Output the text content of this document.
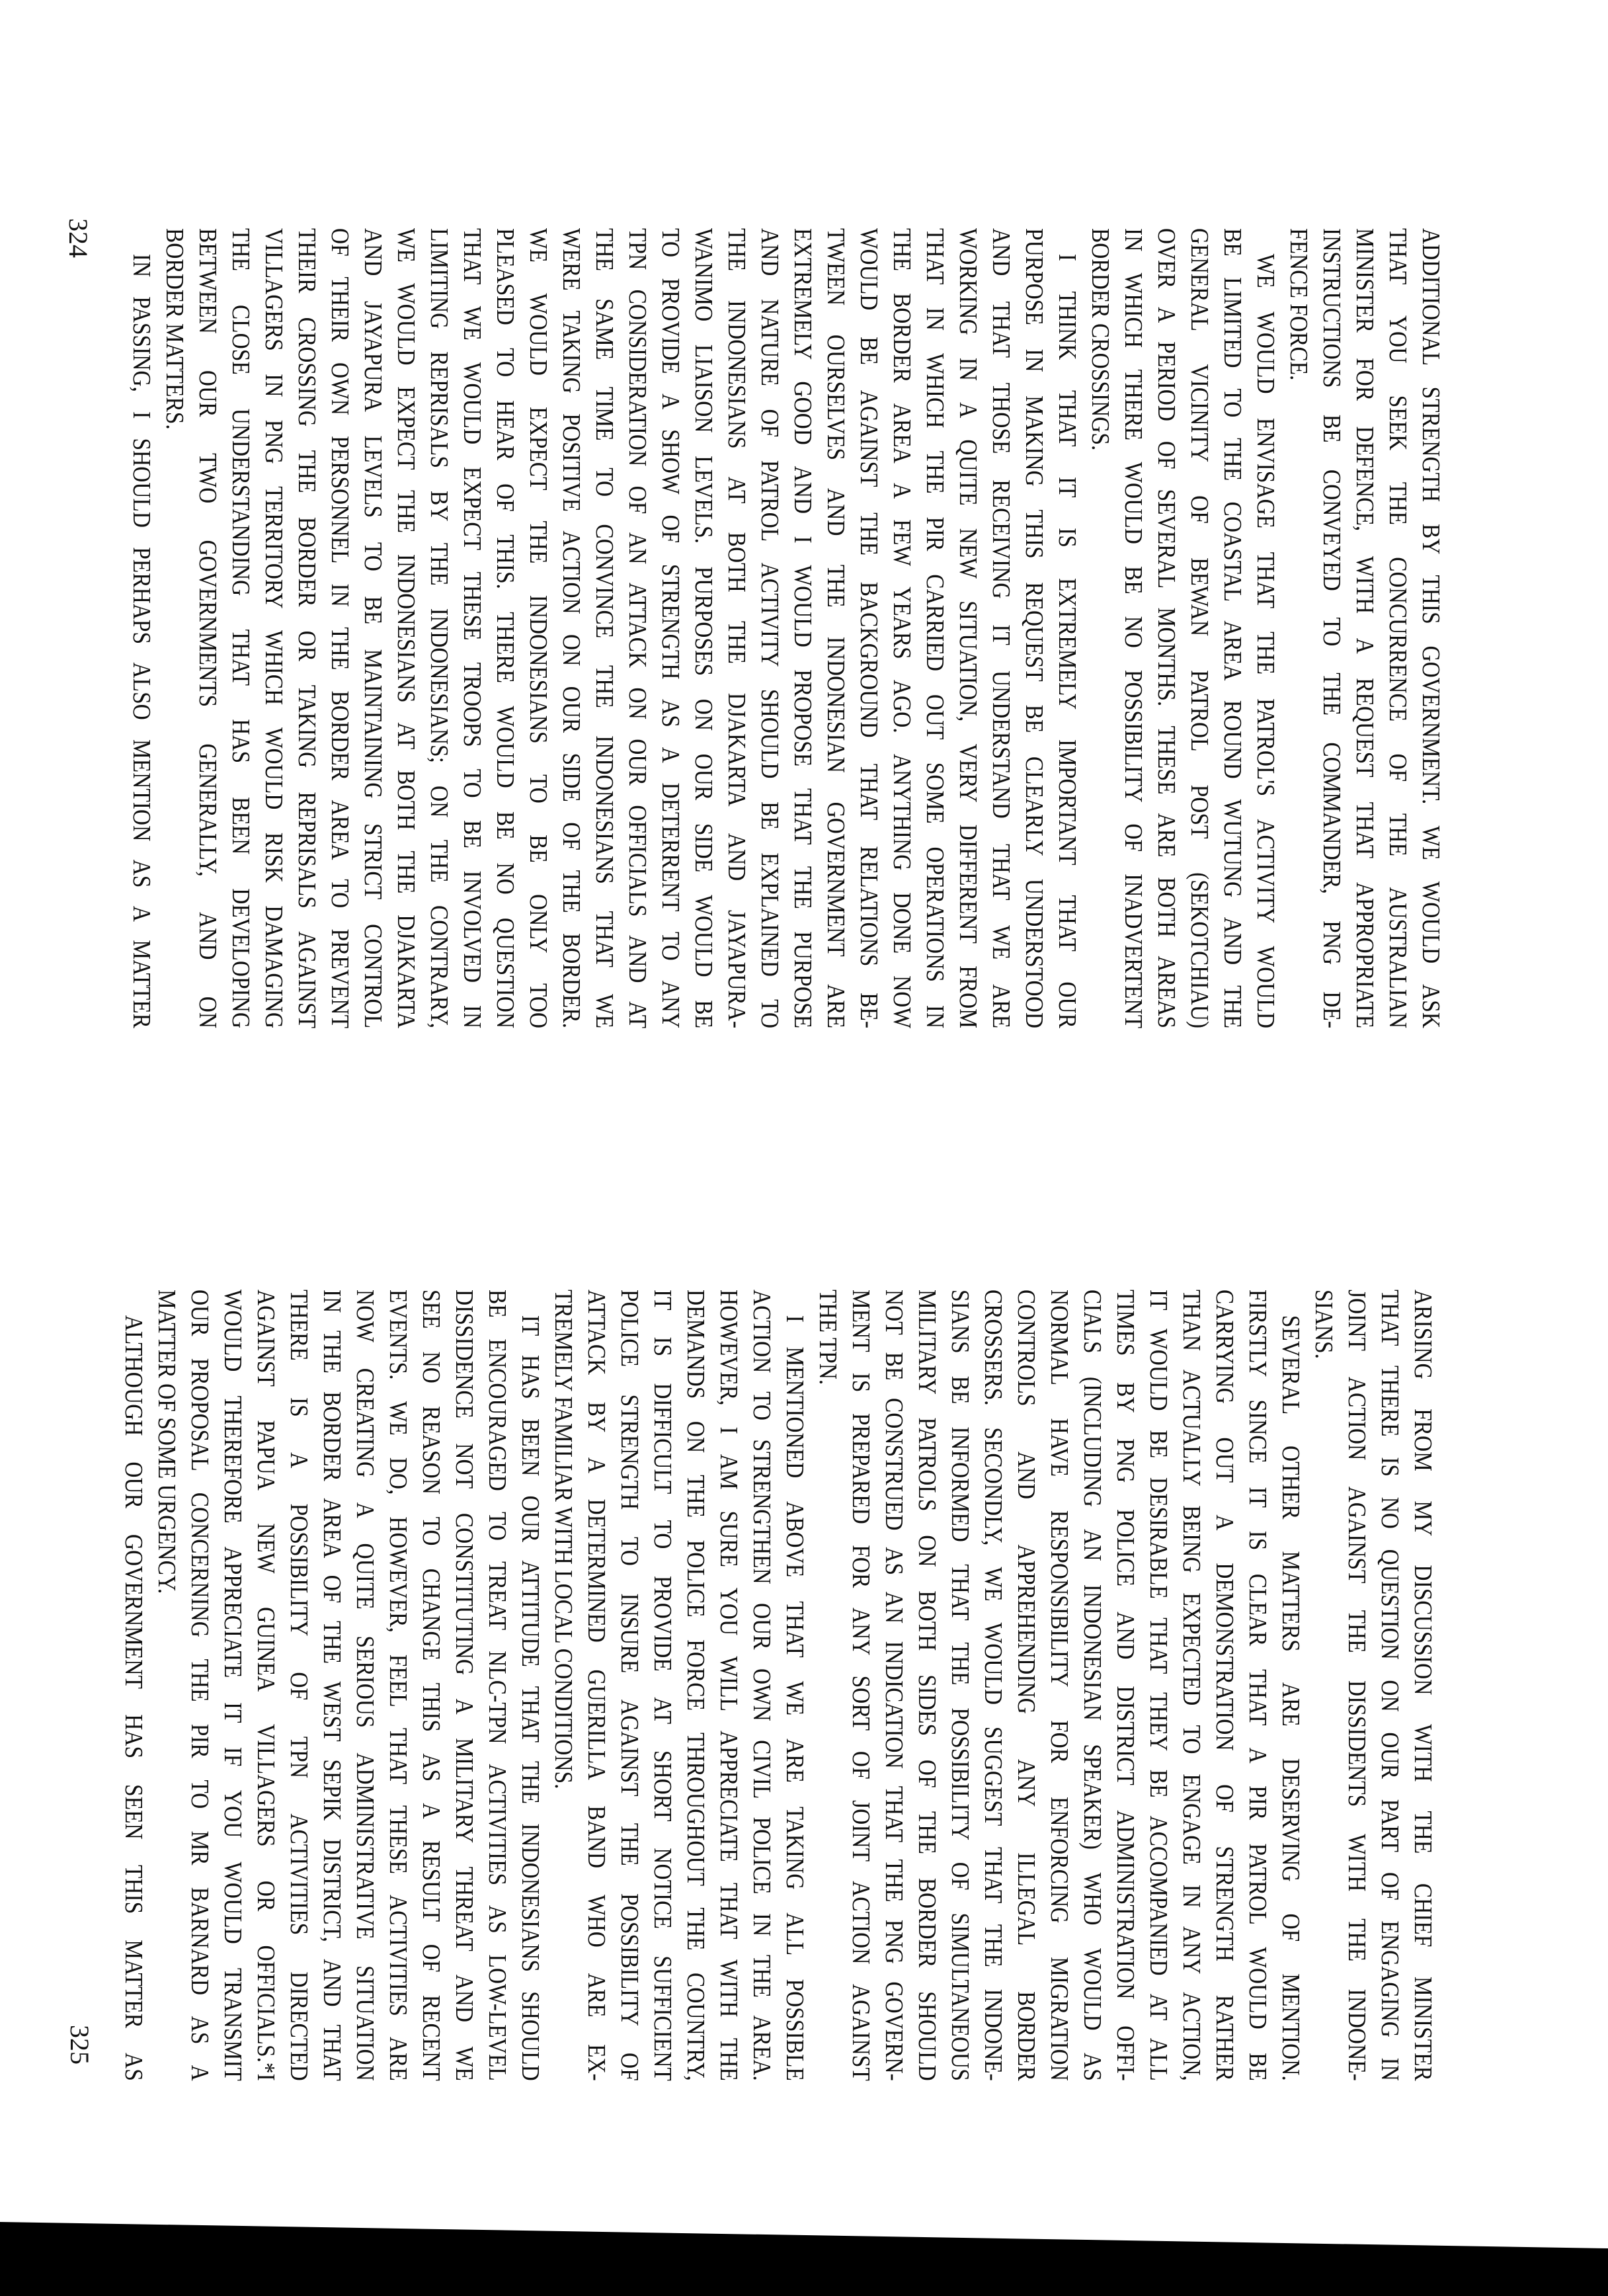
ADDITIONAL STRENGTH BY THIS GOVERNMENT. WE WOULD ASK
THAT YOU SEEK THE CONCURRENCE OF THE AUSTRALIAN
MINISTER FOR DEFENCE, WITH A REQUEST THAT APPROPRIATE
INSTRUCTIONS BE CONVEYED TO THE COMMANDER, PNG DE-
FENCE FORCE.
WE WOULD ENVISAGE THAT THE PATROL'S ACTIVITY WOULD
BE LIMITED TO THE COASTAL AREA ROUND WUTUNG AND THE
GENERAL VICINITY OF BEWAN PATROL POST (SEKOTCHIAU)
OVER A PERIOD OF SEVERAL MONTHS. THESE ARE BOTH AREAS
IN WHICH THERE WOULD BE NO POSSIBILITY OF INADVERTENT
BORDER CROSSINGS.
I THINK THAT IT IS EXTREMELY IMPORTANT THAT OUR
PURPOSE IN MAKING THIS REQUEST BE CLEARLY UNDERSTOOD
AND THAT THOSE RECEIVING IT UNDERSTAND THAT WE ARE
WORKING IN A QUITE NEW SITUATION, VERY DIFFERENT FROM
THAT IN WHICH THE PIR CARRIED OUT SOME OPERATIONS IN
THE BORDER AREA A FEW YEARS AGO. ANYTHING DONE NOW
WOULD BE AGAINST THE BACKGROUND THAT RELATIONS BE-
TWEEN OURSELVES AND THE INDONESIAN GOVERNMENT ARE
EXTREMELY GOOD AND I WOULD PROPOSE THAT THE PURPOSE
AND NATURE OF PATROL ACTIVITY SHOULD BE EXPLAINED TO
THE INDONESIANS AT BOTH THE DJAKARTA AND JAYAPURA-
WANIMO LIAISON LEVELS. PURPOSES ON OUR SIDE WOULD BE
TO PROVIDE A SHOW OF STRENGTH AS A DETERRENT TO ANY
TPN CONSIDERATION OF AN ATTACK ON OUR OFFICIALS AND AT
THE SAME TIME TO CONVINCE THE INDONESIANS THAT WE
WERE TAKING POSITIVE ACTION ON OUR SIDE OF THE BORDER.
WE WOULD EXPECT THE INDONESIANS TO BE ONLY TOO
PLEASED TO HEAR OF THIS. THERE WOULD BE NO QUESTION
THAT WE WOULD EXPECT THESE TROOPS TO BE INVOLVED IN
LIMITING REPRISALS BY THE INDONESIANS; ON THE CONTRARY,
WE WOULD EXPECT THE INDONESIANS AT BOTH THE DJAKARTA
AND JAYAPURA LEVELS TO BE MAINTAINING STRICT CONTROL
OF THEIR OWN PERSONNEL IN THE BORDER AREA TO PREVENT
THEIR CROSSING THE BORDER OR TAKING REPRISALS AGAINST
VILLAGERS IN PNG TERRITORY WHICH WOULD RISK DAMAGING
THE CLOSE UNDERSTANDING THAT HAS BEEN DEVELOPING
BETWEEN OUR TWO GOVERNMENTS GENERALLY, AND ON
BORDER MATTERS.
IN PASSING, I SHOULD PERHAPS ALSO MENTION AS A MATTER
324
ARISING FROM MY DISCUSSION WITH THE CHIEF MINISTER
THAT THERE IS NO QUESTION ON OUR PART OF ENGAGING IN
JOINT ACTION AGAINST THE DISSIDENTS WITH THE INDONE-
SIANS.
SEVERAL OTHER MATTERS ARE DESERVING OF MENTION.
FIRSTLY SINCE IT IS CLEAR THAT A PIR PATROL WOULD BE
CARRYING OUT A DEMONSTRATION OF STRENGTH RATHER
THAN ACTUALLY BEING EXPECTED TO ENGAGE IN ANY ACTION,
IT WOULD BE DESIRABLE THAT THEY BE ACCOMPANIED AT ALL
TIMES BY PNG POLICE AND DISTRICT ADMINISTRATION OFFI-
CIALS (INCLUDING AN INDONESIAN SPEAKER) WHO WOULD AS
NORMAL HAVE RESPONSIBILITY FOR ENFORCING MIGRATION
CONTROLS AND APPREHENDING ANY ILLEGAL BORDER
CROSSERS. SECONDLY, WE WOULD SUGGEST THAT THE INDONE-
SIANS BE INFORMED THAT THE POSSIBILITY OF SIMULTANEOUS
MILITARY PATROLS ON BOTH SIDES OF THE BORDER SHOULD
NOT BE CONSTRUED AS AN INDICATION THAT THE PNG GOVERN-
MENT IS PREPARED FOR ANY SORT OF JOINT ACTION AGAINST
THE TPN.
I MENTIONED ABOVE THAT WE ARE TAKING ALL POSSIBLE
ACTION TO STRENGTHEN OUR OWN CIVIL POLICE IN THE AREA.
HOWEVER, I AM SURE YOU WILL APPRECIATE THAT WITH THE
DEMANDS ON THE POLICE FORCE THROUGHOUT THE COUNTRY,
IT IS DIFFICULT TO PROVIDE AT SHORT NOTICE SUFFICIENT
POLICE STRENGTH TO INSURE AGAINST THE POSSIBILITY OF
ATTACK BY A DETERMINED GUERILLA BAND WHO ARE EX-
TREMELY FAMILIAR WITH LOCAL CONDITIONS.
IT HAS BEEN OUR ATTITUDE THAT THE INDONESIANS SHOULD
BE ENCOURAGED TO TREAT NLC-TPN ACTIVITIES AS LOW-LEVEL
DISSIDENCE NOT CONSTITUTING A MILITARY THREAT AND WE
SEE NO REASON TO CHANGE THIS AS A RESULT OF RECENT
EVENTS. WE DO, HOWEVER, FEEL THAT THESE ACTIVITIES ARE
NOW CREATING A QUITE SERIOUS ADMINISTRATIVE SITUATION
IN THE BORDER AREA OF THE WEST SEPIK DISTRICT, AND THAT
THERE IS A POSSIBILITY OF TPN ACTIVITIES DIRECTED
AGAINST PAPUA NEW GUINEA VILLAGERS OR OFFICIALS.*I
WOULD THEREFORE APPRECIATE IT IF YOU WOULD TRANSMIT
OUR PROPOSAL CONCERNING THE PIR TO MR BARNARD AS A
MATTER OF SOME URGENCY.
ALTHOUGH OUR GOVERNMENT HAS SEEN THIS MATTER AS
325
